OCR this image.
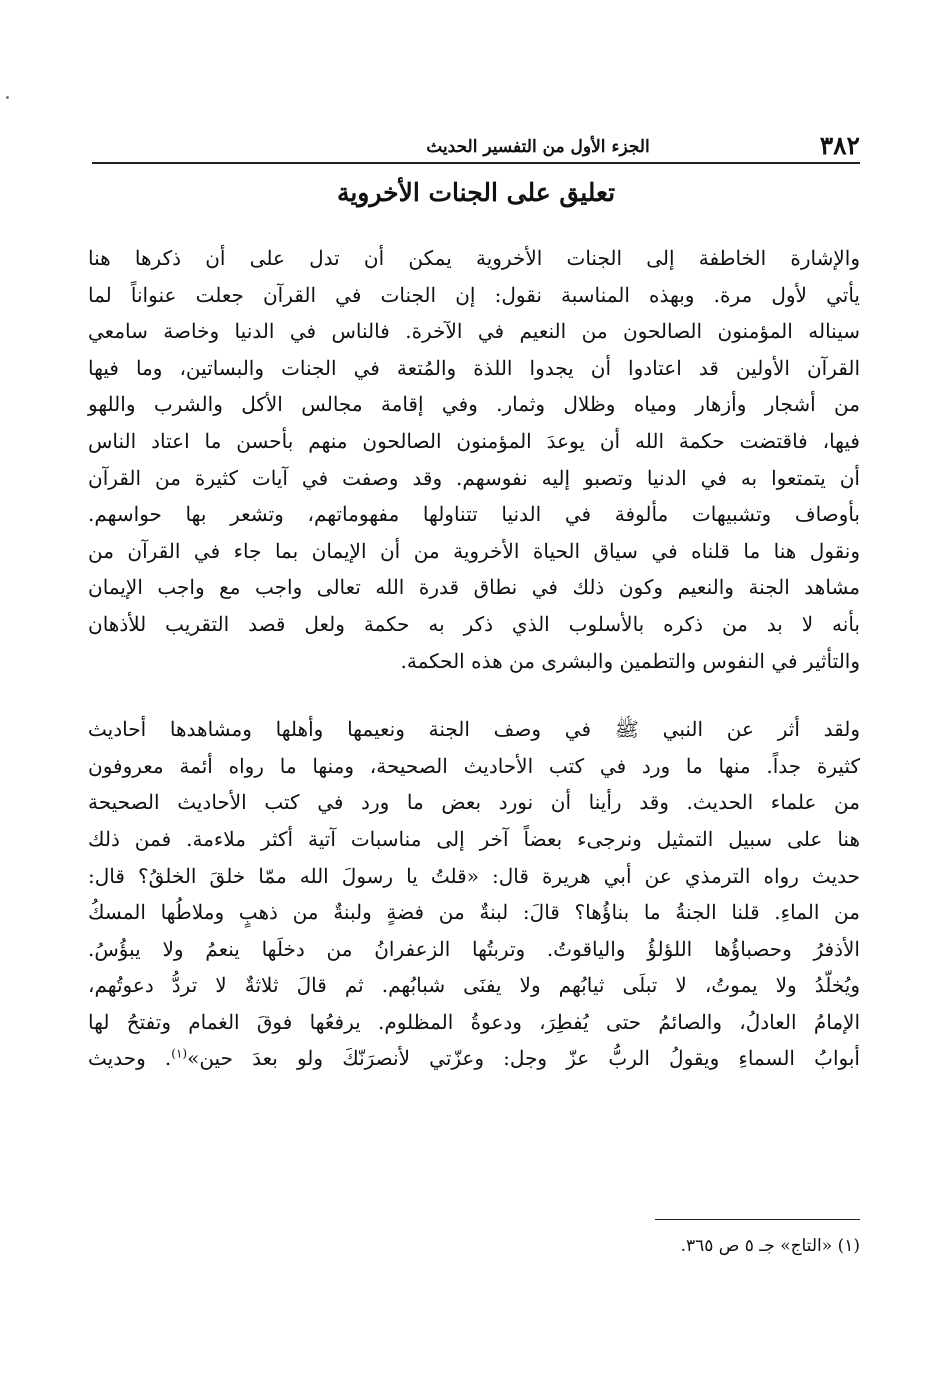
٣٨٢
الجزء الأول من التفسير الحديث
تعليق على الجنات الأخروية
والإشارة الخاطفة إلى الجنات الأخروية يمكن أن تدل على أن ذكرها هنا
يأتي لأول مرة. وبهذه المناسبة نقول: إن الجنات في القرآن جعلت عنواناً لما
سيناله المؤمنون الصالحون من النعيم في الآخرة. فالناس في الدنيا وخاصة سامعي
القرآن الأولين قد اعتادوا أن يجدوا اللذة والمُتعة في الجنات والبساتين، وما فيها
من أشجار وأزهار ومياه وظلال وثمار. وفي إقامة مجالس الأكل والشرب واللهو
فيها، فاقتضت حكمة الله أن يوعدَ المؤمنون الصالحون منهم بأحسن ما اعتاد الناس
أن يتمتعوا به في الدنيا وتصبو إليه نفوسهم. وقد وصفت في آيات كثيرة من القرآن
بأوصاف وتشبيهات مألوفة في الدنيا تتناولها مفهوماتهم، وتشعر بها حواسهم.
ونقول هنا ما قلناه في سياق الحياة الأخروية من أن الإيمان بما جاء في القرآن من
مشاهد الجنة والنعيم وكون ذلك في نطاق قدرة الله تعالى واجب مع واجب الإيمان
بأنه لا بد من ذكره بالأسلوب الذي ذكر به حكمة ولعل قصد التقريب للأذهان
والتأثير في النفوس والتطمين والبشرى من هذه الحكمة.
ولقد أثر عن النبي ﷺ في وصف الجنة ونعيمها وأهلها ومشاهدها أحاديث
كثيرة جداً. منها ما ورد في كتب الأحاديث الصحيحة، ومنها ما رواه أئمة معروفون
من علماء الحديث. وقد رأينا أن نورد بعض ما ورد في كتب الأحاديث الصحيحة
هنا على سبيل التمثيل ونرجىء بعضاً آخر إلى مناسبات آتية أكثر ملاءمة. فمن ذلك
حديث رواه الترمذي عن أبي هريرة قال: «قلتُ يا رسولَ الله ممّا خلقَ الخلقُ؟ قال:
من الماءِ. قلنا الجنةُ ما بناؤُها؟ قالَ: لبنةٌ من فضةٍ ولبنةٌ من ذهبٍ وملاطُها المسكُ
الأذفرُ وحصباؤُها اللؤلؤُ والياقوتُ. وتربتُها الزعفرانُ من دخلَها ينعمُ ولا يبؤُسُ.
ويُخلّدُ ولا يموتُ، لا تبلَى ثيابُهم ولا يفنَى شبابُهم. ثم قالَ ثلاثةٌ لا تردُّ دعوتُهم،
الإمامُ العادلُ، والصائمُ حتى يُفطِرَ، ودعوةُ المظلوم. يرفعُها فوقَ الغمام وتفتحُ لها
أبوابُ السماءِ ويقولُ الربُّ عزّ وجل: وعزّتي لأنصرَنّكَ ولو بعدَ حين»$^{(١)}$. وحديث
(١) «التاج» جـ ٥ ص ٣٦٥.
